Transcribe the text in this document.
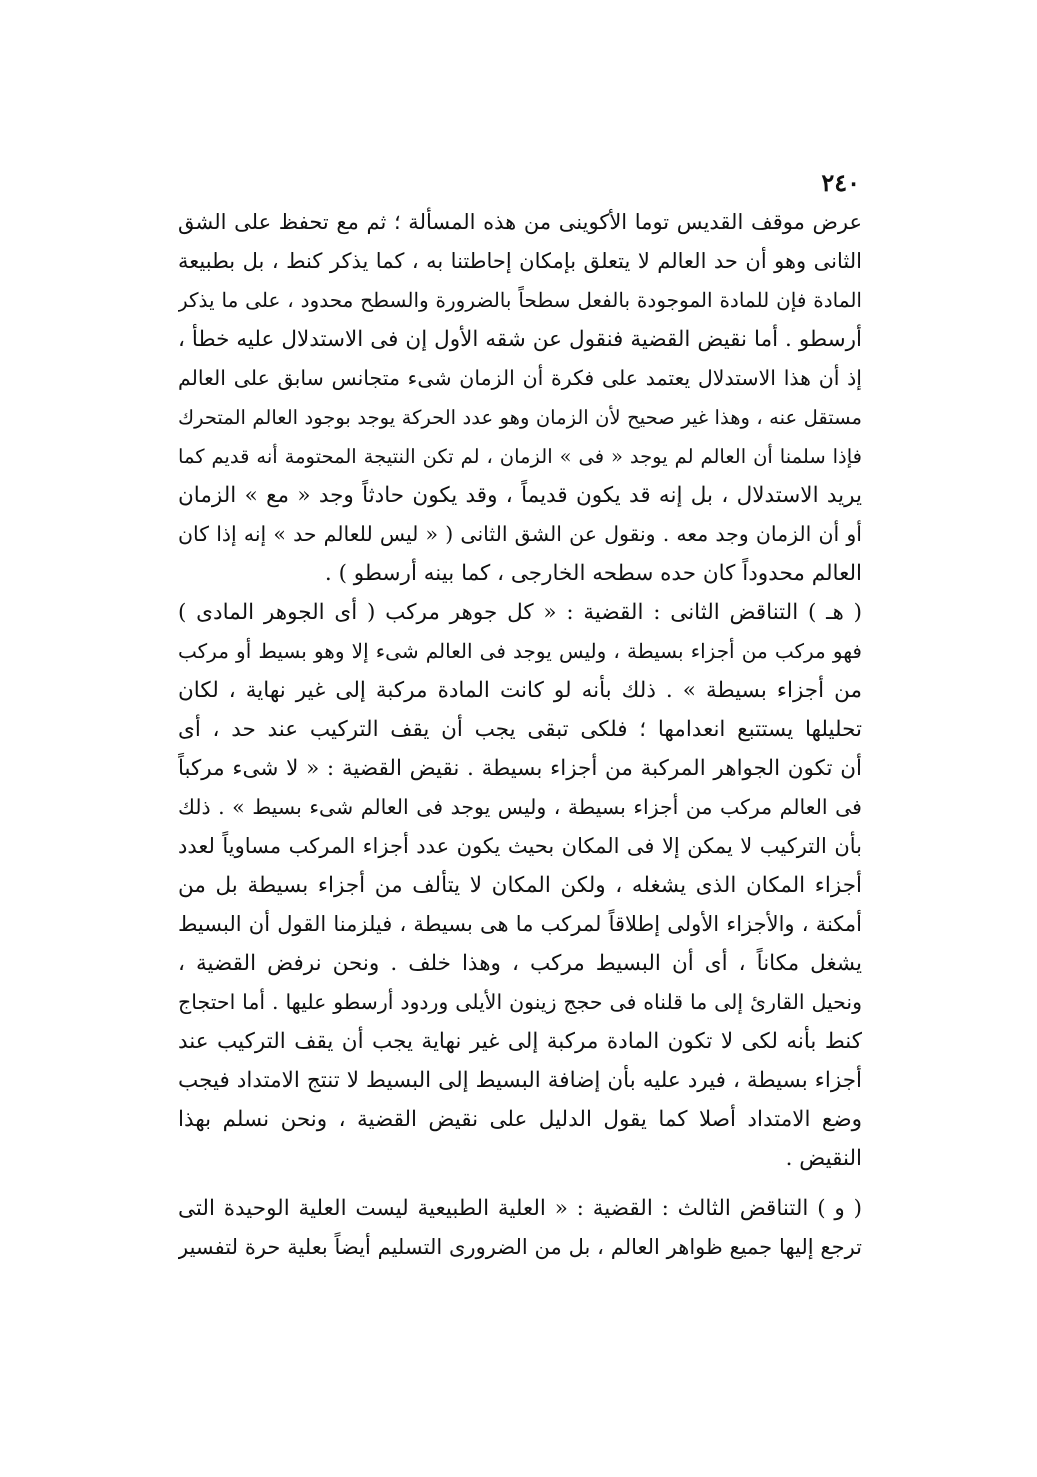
٢٤٠
عرض موقف القديس توما الأكوينى من هذه المسألة ؛ ثم مع تحفظ على الشق
الثانى وهو أن حد العالم لا يتعلق بإمكان إحاطتنا به ، كما يذكر كنط ، بل بطبيعة
المادة فإن للمادة الموجودة بالفعل سطحاً بالضرورة والسطح محدود ، على ما يذكر
أرسطو . أما نقيض القضية فنقول عن شقه الأول إن فى الاستدلال عليه خطأ ،
إذ أن هذا الاستدلال يعتمد على فكرة أن الزمان شىء متجانس سابق على العالم
مستقل عنه ، وهذا غير صحيح لأن الزمان وهو عدد الحركة يوجد بوجود العالم المتحرك
فإذا سلمنا أن العالم لم يوجد « فى » الزمان ، لم تكن النتيجة المحتومة أنه قديم كما
يريد الاستدلال ، بل إنه قد يكون قديماً ، وقد يكون حادثاً وجد « مع » الزمان
أو أن الزمان وجد معه . ونقول عن الشق الثانى ( « ليس للعالم حد » إنه إذا كان
العالم محدوداً كان حده سطحه الخارجى ، كما بينه أرسطو ) .
( هـ ) التناقض الثانى : القضية : « كل جوهر مركب ( أى الجوهر المادى )
فهو مركب من أجزاء بسيطة ، وليس يوجد فى العالم شىء إلا وهو بسيط أو مركب
من أجزاء بسيطة » . ذلك بأنه لو كانت المادة مركبة إلى غير نهاية ، لكان
تحليلها يستتبع انعدامها ؛ فلكى تبقى يجب أن يقف التركيب عند حد ، أى
أن تكون الجواهر المركبة من أجزاء بسيطة . نقيض القضية : « لا شىء مركباً
فى العالم مركب من أجزاء بسيطة ، وليس يوجد فى العالم شىء بسيط » . ذلك
بأن التركيب لا يمكن إلا فى المكان بحيث يكون عدد أجزاء المركب مساوياً لعدد
أجزاء المكان الذى يشغله ، ولكن المكان لا يتألف من أجزاء بسيطة بل من
أمكنة ، والأجزاء الأولى إطلاقاً لمركب ما هى بسيطة ، فيلزمنا القول أن البسيط
يشغل مكاناً ، أى أن البسيط مركب ، وهذا خلف . ونحن نرفض القضية ،
ونحيل القارئ إلى ما قلناه فى حجج زينون الأيلى وردود أرسطو عليها . أما احتجاج
كنط بأنه لكى لا تكون المادة مركبة إلى غير نهاية يجب أن يقف التركيب عند
أجزاء بسيطة ، فيرد عليه بأن إضافة البسيط إلى البسيط لا تنتج الامتداد فيجب
وضع الامتداد أصلا كما يقول الدليل على نقيض القضية ، ونحن نسلم بهذا
النقيض .
( و ) التناقض الثالث : القضية : « العلية الطبيعية ليست العلية الوحيدة التى
ترجع إليها جميع ظواهر العالم ، بل من الضرورى التسليم أيضاً بعلية حرة لتفسير
